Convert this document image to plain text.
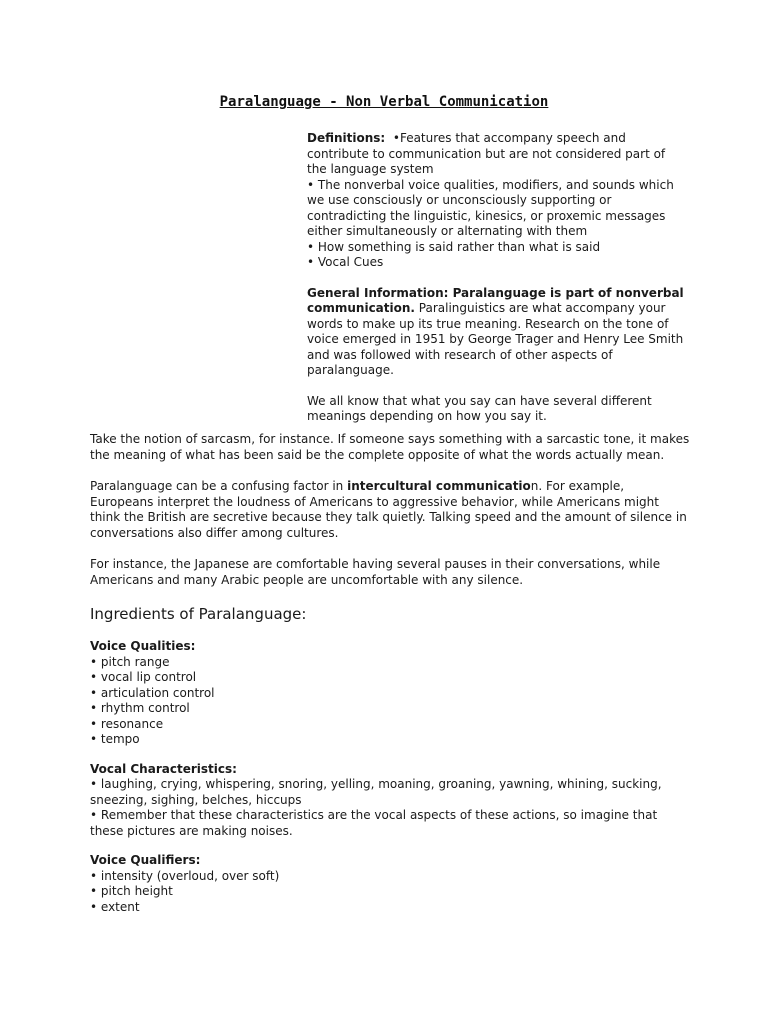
Paralanguage - Non Verbal Communication

Definitions:  •Features that accompany speech and contribute to communication but are not considered part of the language system

• The nonverbal voice qualities, modifiers, and sounds which we use consciously or unconsciously supporting or contradicting the linguistic, kinesics, or proxemic messages either simultaneously or alternating with them

• How something is said rather than what is said

• Vocal Cues

General Information: Paralanguage is part of nonverbal communication. Paralinguistics are what accompany your words to make up its true meaning. Research on the tone of voice emerged in 1951 by George Trager and Henry Lee Smith and was followed with research of other aspects of paralanguage.

We all know that what you say can have several different meanings depending on how you say it.

Take the notion of sarcasm, for instance. If someone says something with a sarcastic tone, it makes the meaning of what has been said be the complete opposite of what the words actually mean.

Paralanguage can be a confusing factor in intercultural communication. For example, Europeans interpret the loudness of Americans to aggressive behavior, while Americans might think the British are secretive because they talk quietly. Talking speed and the amount of silence in conversations also differ among cultures.

For instance, the Japanese are comfortable having several pauses in their conversations, while Americans and many Arabic people are uncomfortable with any silence.

Ingredients of Paralanguage:
Voice Qualities:
• pitch range
• vocal lip control
• articulation control
• rhythm control
• resonance
• tempo
Vocal Characteristics:
• laughing, crying, whispering, snoring, yelling, moaning, groaning, yawning, whining, sucking, sneezing, sighing, belches, hiccups
• Remember that these characteristics are the vocal aspects of these actions, so imagine that these pictures are making noises.
Voice Qualifiers:
• intensity (overloud, over soft)
• pitch height
• extent
